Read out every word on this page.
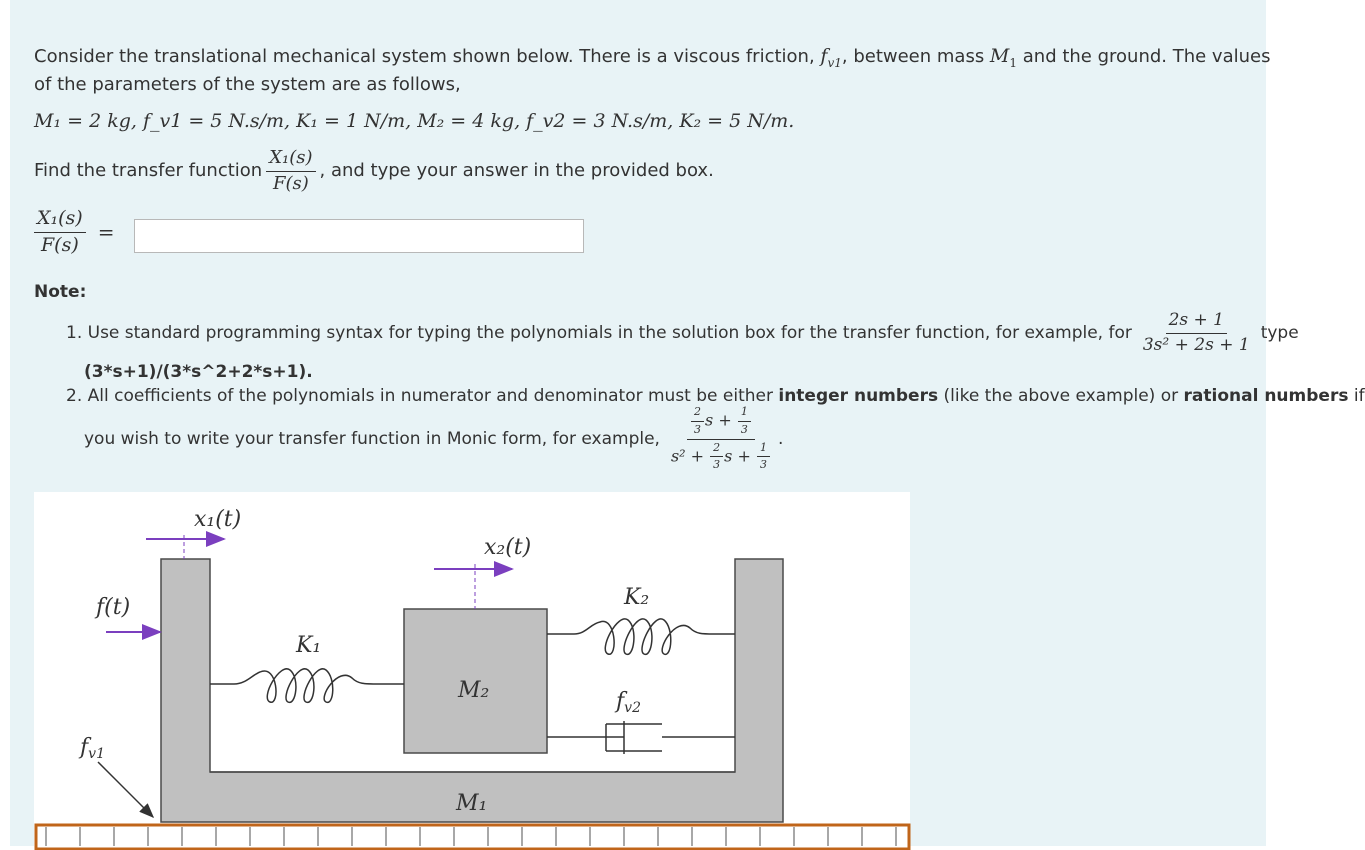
Consider the translational mechanical system shown below. There is a viscous friction, $f_{v1}$, between mass $M_1$ and the ground. The values
of the parameters of the system are as follows,
M₁ = 2 kg, f_v1 = 5 N.s/m, K₁ = 1 N/m, M₂ = 4 kg, f_v2 = 3 N.s/m, K₂ = 5 N/m.
Find the transfer function $\frac{\text{X₁(s)}}{F(s)}$ , and type your answer in the provided box.
$\frac{\text{X₁(s)}}{F(s)}$ =
Note:
1. Use standard programming syntax for typing the polynomials in the solution box for the transfer function, for example, for $\frac{2s + 1}{\text{3s² + 2s + 1}}$ type
(3*s+1)/(3*s^2+2*s+1).
2. All coefficients of the polynomials in numerator and denominator must be either integer numbers (like the above example) or rational numbers if
you wish to write your transfer function in Monic form, for example, $\frac{\frac{2}{3} s + \frac{1}{3}}{s^2 + \frac{2}{3} s + \frac{1}{3}}$ .
x₁(t)
x₂(t)
f(t)
K₁
K₂
M₂
M₁
fv1
fv2
